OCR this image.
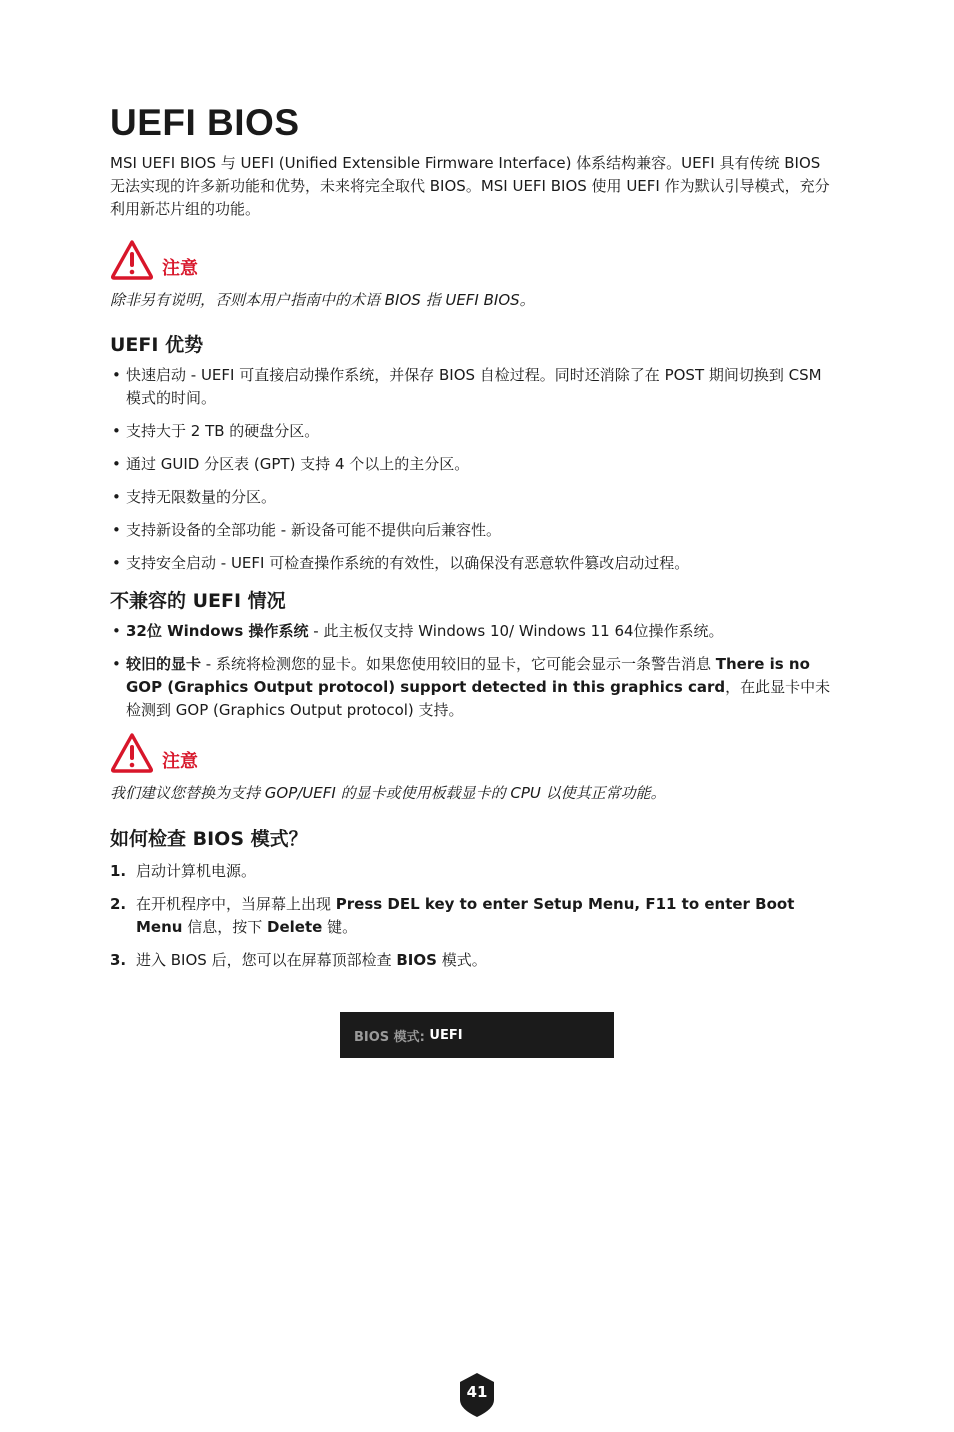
UEFI BIOS

MSI UEFI BIOS 与 UEFI (Unified Extensible Firmware Interface) 体系结构兼容。UEFI 具有传统 BIOS 无法实现的许多新功能和优势，未来将完全取代 BIOS。MSI UEFI BIOS 使用 UEFI 作为默认引导模式，充分利用新芯片组的功能。

注意

除非另有说明，否则本用户指南中的术语 BIOS 指 UEFI BIOS。

UEFI 优势
• 快速启动 - UEFI 可直接启动操作系统，并保存 BIOS 自检过程。同时还消除了在 POST 期间切换到 CSM 模式的时间。
• 支持大于 2 TB 的硬盘分区。
• 通过 GUID 分区表 (GPT) 支持 4 个以上的主分区。
• 支持无限数量的分区。
• 支持新设备的全部功能 - 新设备可能不提供向后兼容性。
• 支持安全启动 - UEFI 可检查操作系统的有效性，以确保没有恶意软件篡改启动过程。
不兼容的 UEFI 情况
• 32位 Windows 操作系统 - 此主板仅支持 Windows 10/ Windows 11 64位操作系统。
• 较旧的显卡 - 系统将检测您的显卡。如果您使用较旧的显卡，它可能会显示一条警告消息 There is no GOP (Graphics Output protocol) support detected in this graphics card，在此显卡中未检测到 GOP (Graphics Output protocol) 支持。
注意

我们建议您替换为支持 GOP/UEFI 的显卡或使用板载显卡的 CPU 以使其正常功能。

如何检查 BIOS 模式？
1. 启动计算机电源。
2. 在开机程序中，当屏幕上出现 Press DEL key to enter Setup Menu, F11 to enter Boot Menu 信息，按下 Delete 键。
3. 进入 BIOS 后，您可以在屏幕顶部检查 BIOS 模式。
BIOS 模式: UEFI
41
